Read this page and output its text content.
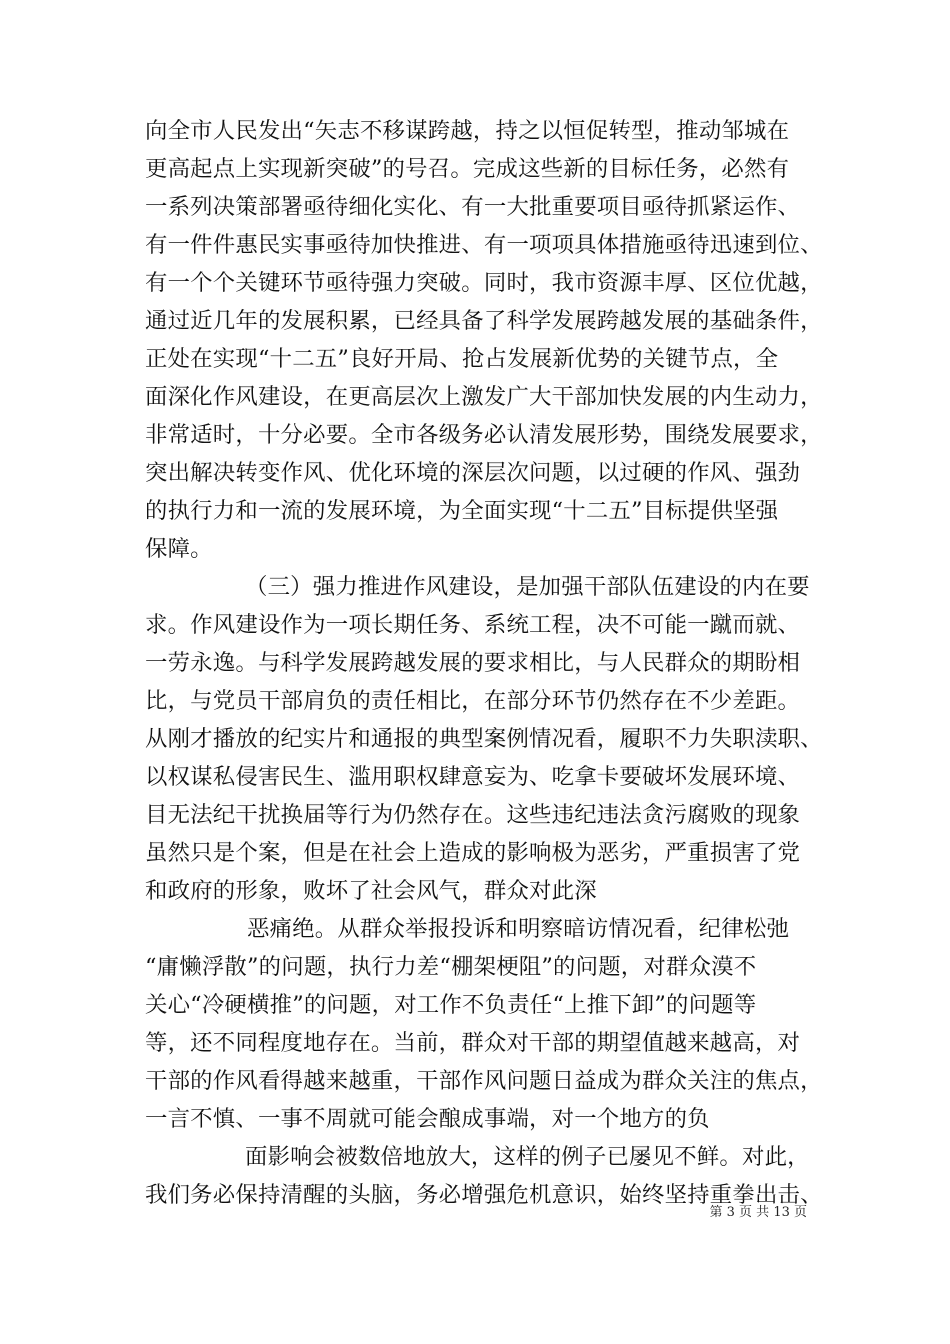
向全市人民发出“矢志不移谋跨越，持之以恒促转型，推动邹城在
更高起点上实现新突破”的号召。完成这些新的目标任务，必然有
一系列决策部署亟待细化实化、有一大批重要项目亟待抓紧运作、
有一件件惠民实事亟待加快推进、有一项项具体措施亟待迅速到位、
有一个个关键环节亟待强力突破。同时，我市资源丰厚、区位优越，
通过近几年的发展积累，已经具备了科学发展跨越发展的基础条件，
正处在实现“十二五”良好开局、抢占发展新优势的关键节点，全
面深化作风建设，在更高层次上激发广大干部加快发展的内生动力，
非常适时，十分必要。全市各级务必认清发展形势，围绕发展要求，
突出解决转变作风、优化环境的深层次问题，以过硬的作风、强劲
的执行力和一流的发展环境，为全面实现“十二五”目标提供坚强
保障。
（三）强力推进作风建设，是加强干部队伍建设的内在要
求。作风建设作为一项长期任务、系统工程，决不可能一蹴而就、
一劳永逸。与科学发展跨越发展的要求相比，与人民群众的期盼相
比，与党员干部肩负的责任相比，在部分环节仍然存在不少差距。
从刚才播放的纪实片和通报的典型案例情况看，履职不力失职渎职、
以权谋私侵害民生、滥用职权肆意妄为、吃拿卡要破坏发展环境、
目无法纪干扰换届等行为仍然存在。这些违纪违法贪污腐败的现象
虽然只是个案，但是在社会上造成的影响极为恶劣，严重损害了党
和政府的形象，败坏了社会风气，群众对此深
恶痛绝。从群众举报投诉和明察暗访情况看，纪律松弛
“庸懒浮散”的问题，执行力差“棚架梗阻”的问题，对群众漠不
关心“冷硬横推”的问题，对工作不负责任“上推下卸”的问题等
等，还不同程度地存在。当前，群众对干部的期望值越来越高，对
干部的作风看得越来越重，干部作风问题日益成为群众关注的焦点，
一言不慎、一事不周就可能会酿成事端，对一个地方的负
面影响会被数倍地放大，这样的例子已屡见不鲜。对此，
我们务必保持清醒的头脑，务必增强危机意识，始终坚持重拳出击、
第 3 页 共 13 页
